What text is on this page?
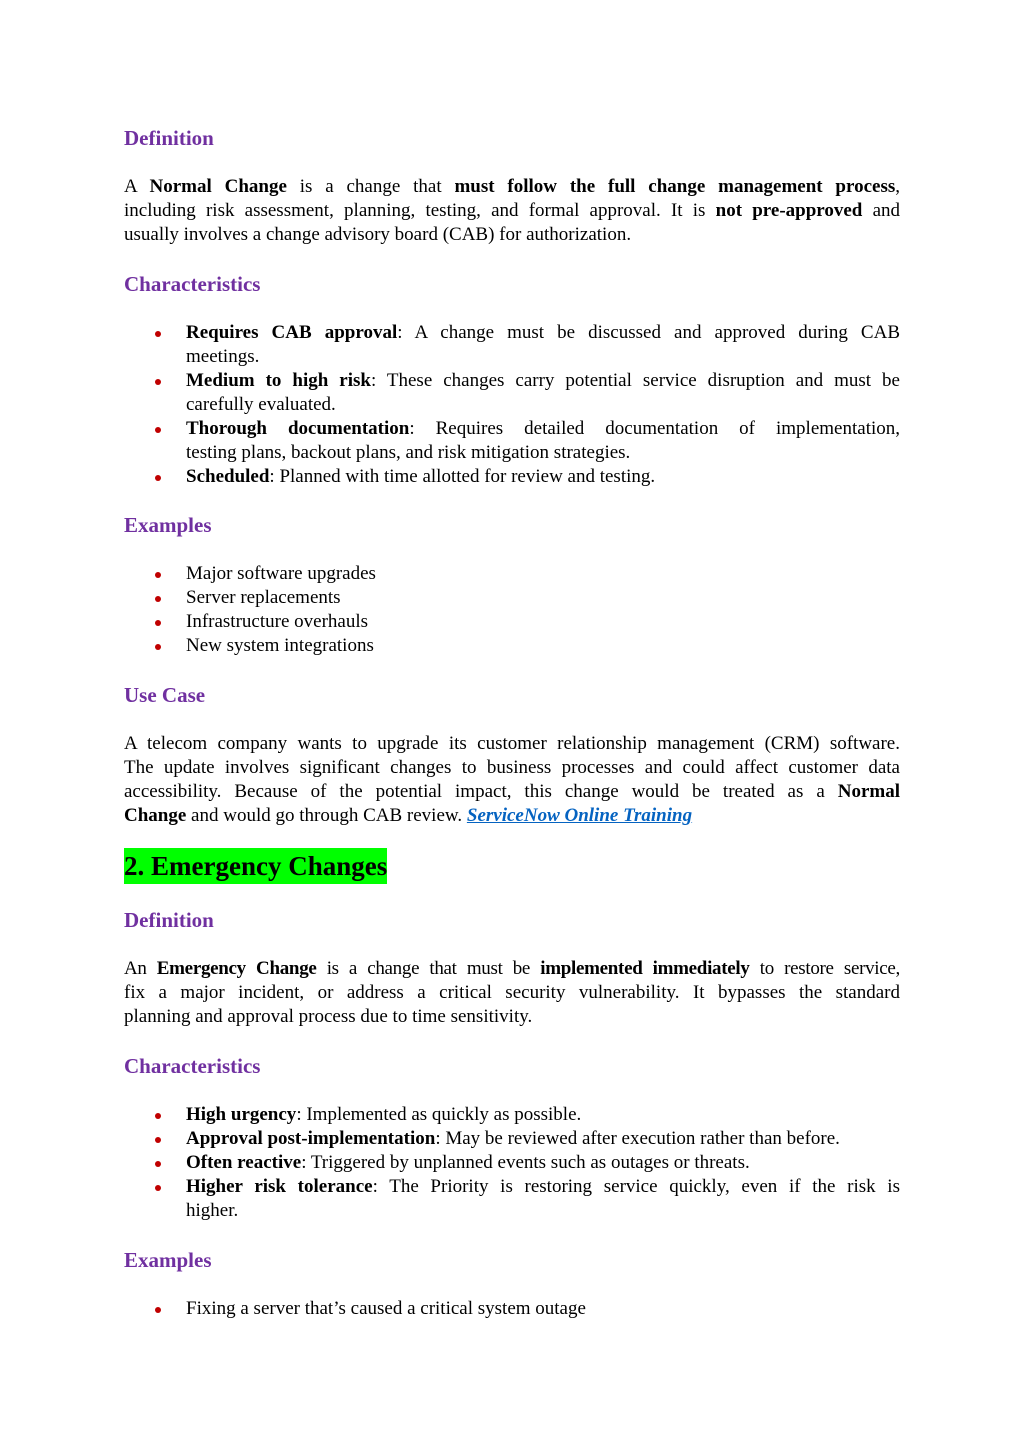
Definition
A Normal Change is a change that must follow the full change management process,
including risk assessment, planning, testing, and formal approval. It is not pre-approved and
usually involves a change advisory board (CAB) for authorization.
Characteristics
Requires CAB approval: A change must be discussed and approved during CAB
meetings.
Medium to high risk: These changes carry potential service disruption and must be
carefully evaluated.
Thorough documentation: Requires detailed documentation of implementation,
testing plans, backout plans, and risk mitigation strategies.
Scheduled: Planned with time allotted for review and testing.
Examples
Major software upgrades
Server replacements
Infrastructure overhauls
New system integrations
Use Case
A telecom company wants to upgrade its customer relationship management (CRM) software.
The update involves significant changes to business processes and could affect customer data
accessibility. Because of the potential impact, this change would be treated as a Normal
Change and would go through CAB review. ServiceNow Online Training
2. Emergency Changes
Definition
An Emergency Change is a change that must be implemented immediately to restore service,
fix a major incident, or address a critical security vulnerability. It bypasses the standard
planning and approval process due to time sensitivity.
Characteristics
High urgency: Implemented as quickly as possible.
Approval post-implementation: May be reviewed after execution rather than before.
Often reactive: Triggered by unplanned events such as outages or threats.
Higher risk tolerance: The Priority is restoring service quickly, even if the risk is
higher.
Examples
Fixing a server that’s caused a critical system outage
